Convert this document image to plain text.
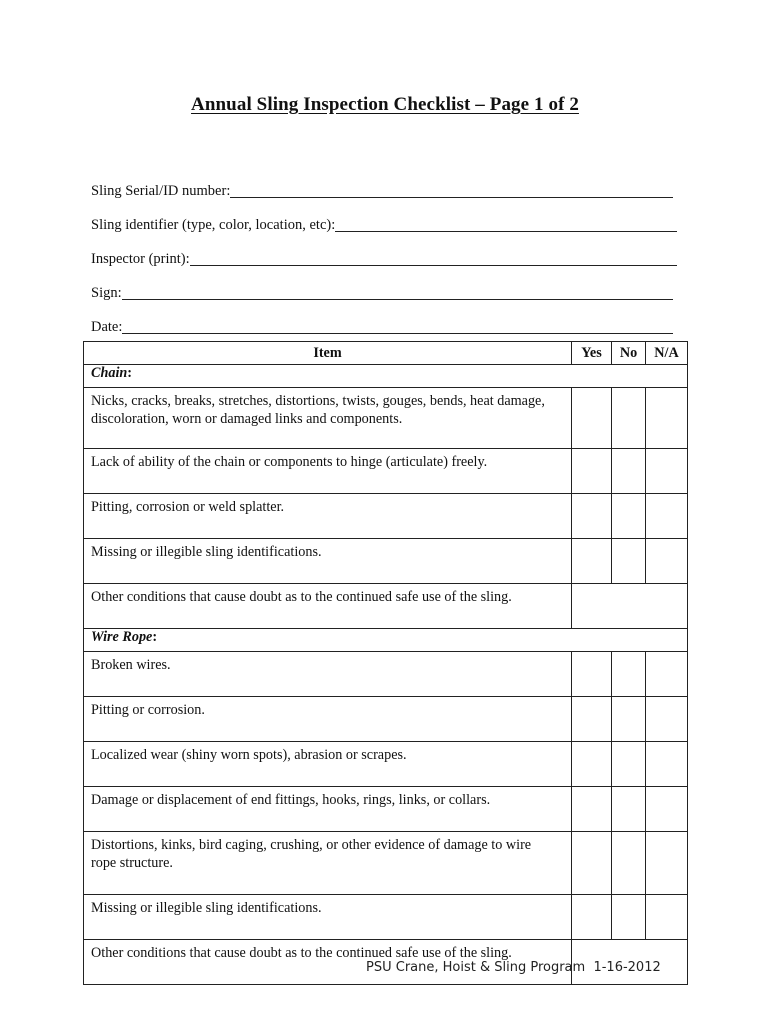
Annual Sling Inspection Checklist – Page 1 of 2
Sling Serial/ID number:
Sling identifier (type, color, location, etc):
Inspector (print):
Sign:
Date:
Item	Yes	No	N/A
Chain:			
Nicks, cracks, breaks, stretches, distortions, twists, gouges, bends, heat damage, discoloration, worn or damaged links and components.			
Lack of ability of the chain or components to hinge (articulate) freely.			
Pitting, corrosion or weld splatter.			
Missing or illegible sling identifications.			
Other conditions that cause doubt as to the continued safe use of the sling.			
Wire Rope:			
Broken wires.			
Pitting or corrosion.			
Localized wear (shiny worn spots), abrasion or scrapes.			
Damage or displacement of end fittings, hooks, rings, links, or collars.			
Distortions, kinks, bird caging, crushing, or other evidence of damage to wire rope structure.			
Missing or illegible sling identifications.			
Other conditions that cause doubt as to the continued safe use of the sling.			
PSU Crane, Hoist & Sling Program  1-16-2012
